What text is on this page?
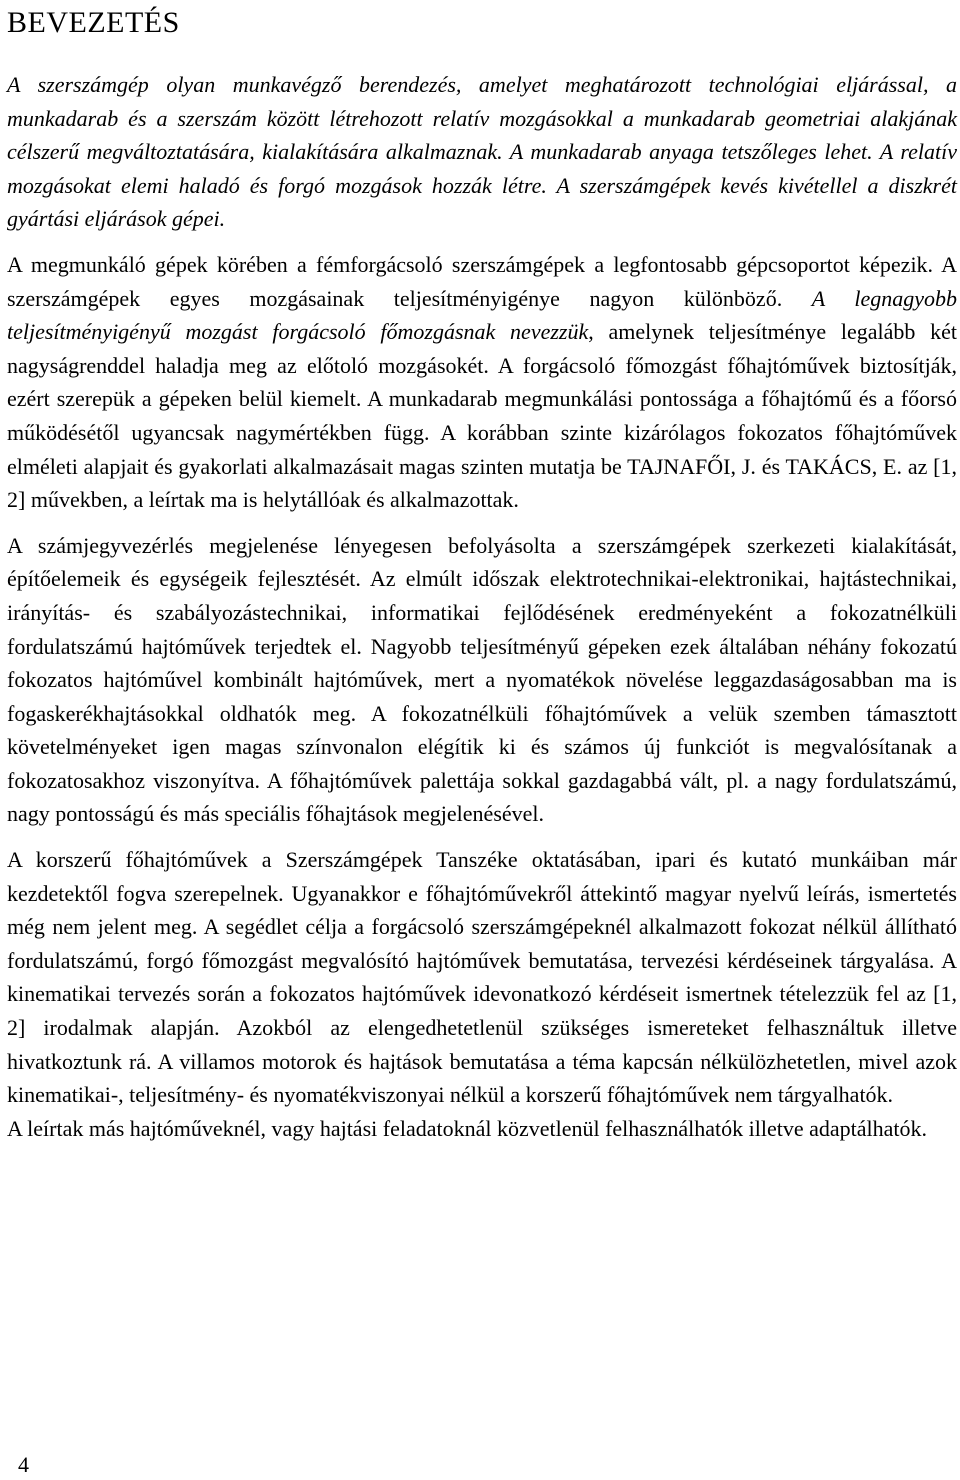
BEVEZETÉS

A szerszámgép olyan munkavégző berendezés, amelyet meghatározott technológiai eljárással, a munkadarab és a szerszám között létrehozott relatív mozgásokkal a munkadarab geometriai alakjának célszerű megváltoztatására, kialakítására alkalmaznak. A munkadarab anyaga tetszőleges lehet. A relatív mozgásokat elemi haladó és forgó mozgások hozzák létre. A szerszámgépek kevés kivétellel a diszkrét gyártási eljárások gépei.

A megmunkáló gépek körében a fémforgácsoló szerszámgépek a legfontosabb gépcsoportot képezik. A szerszámgépek egyes mozgásainak teljesítményigénye nagyon különböző. A legnagyobb teljesítményigényű mozgást forgácsoló főmozgásnak nevezzük, amelynek teljesítménye legalább két nagyságrenddel haladja meg az előtoló mozgásokét. A forgácsoló főmozgást főhajtóművek biztosítják, ezért szerepük a gépeken belül kiemelt. A munkadarab megmunkálási pontossága a főhajtómű és a főorsó működésétől ugyancsak nagymértékben függ. A korábban szinte kizárólagos fokozatos főhajtóművek elméleti alapjait és gyakorlati alkalmazásait magas szinten mutatja be TAJNAFŐI, J. és TAKÁCS, E. az [1, 2] művekben, a leírtak ma is helytállóak és alkalmazottak.

A számjegyvezérlés megjelenése lényegesen befolyásolta a szerszámgépek szerkezeti kialakítását, építőelemeik és egységeik fejlesztését. Az elmúlt időszak elektrotechnikai-elektronikai, hajtástechnikai, irányítás- és szabályozástechnikai, informatikai fejlődésének eredményeként a fokozatnélküli fordulatszámú hajtóművek terjedtek el. Nagyobb teljesítményű gépeken ezek általában néhány fokozatú fokozatos hajtóművel kombinált hajtóművek, mert a nyomatékok növelése leggazdaságosabban ma is fogaskerékhajtásokkal oldhatók meg. A fokozatnélküli főhajtóművek a velük szemben támasztott követelményeket igen magas színvonalon elégítik ki és számos új funkciót is megvalósítanak a fokozatosakhoz viszonyítva. A főhajtóművek palettája sokkal gazdagabbá vált, pl. a nagy fordulatszámú, nagy pontosságú és más speciális főhajtások megjelenésével.

A korszerű főhajtóművek a Szerszámgépek Tanszéke oktatásában, ipari és kutató munkáiban már kezdetektől fogva szerepelnek. Ugyanakkor e főhajtóművekről áttekintő magyar nyelvű leírás, ismertetés még nem jelent meg. A segédlet célja a forgácsoló szerszámgépeknél alkalmazott fokozat nélkül állítható fordulatszámú, forgó főmozgást megvalósító hajtóművek bemutatása, tervezési kérdéseinek tárgyalása. A kinematikai tervezés során a fokozatos hajtóművek idevonatkozó kérdéseit ismertnek tételezzük fel az [1, 2] irodalmak alapján. Azokból az elengedhetetlenül szükséges ismereteket felhasználtuk illetve hivatkoztunk rá. A villamos motorok és hajtások bemutatása a téma kapcsán nélkülözhetetlen, mivel azok kinematikai-, teljesítmény- és nyomatékviszonyai nélkül a korszerű főhajtóművek nem tárgyalhatók.

A leírtak más hajtóműveknél, vagy hajtási feladatoknál közvetlenül felhasználhatók illetve adaptálhatók.

4
